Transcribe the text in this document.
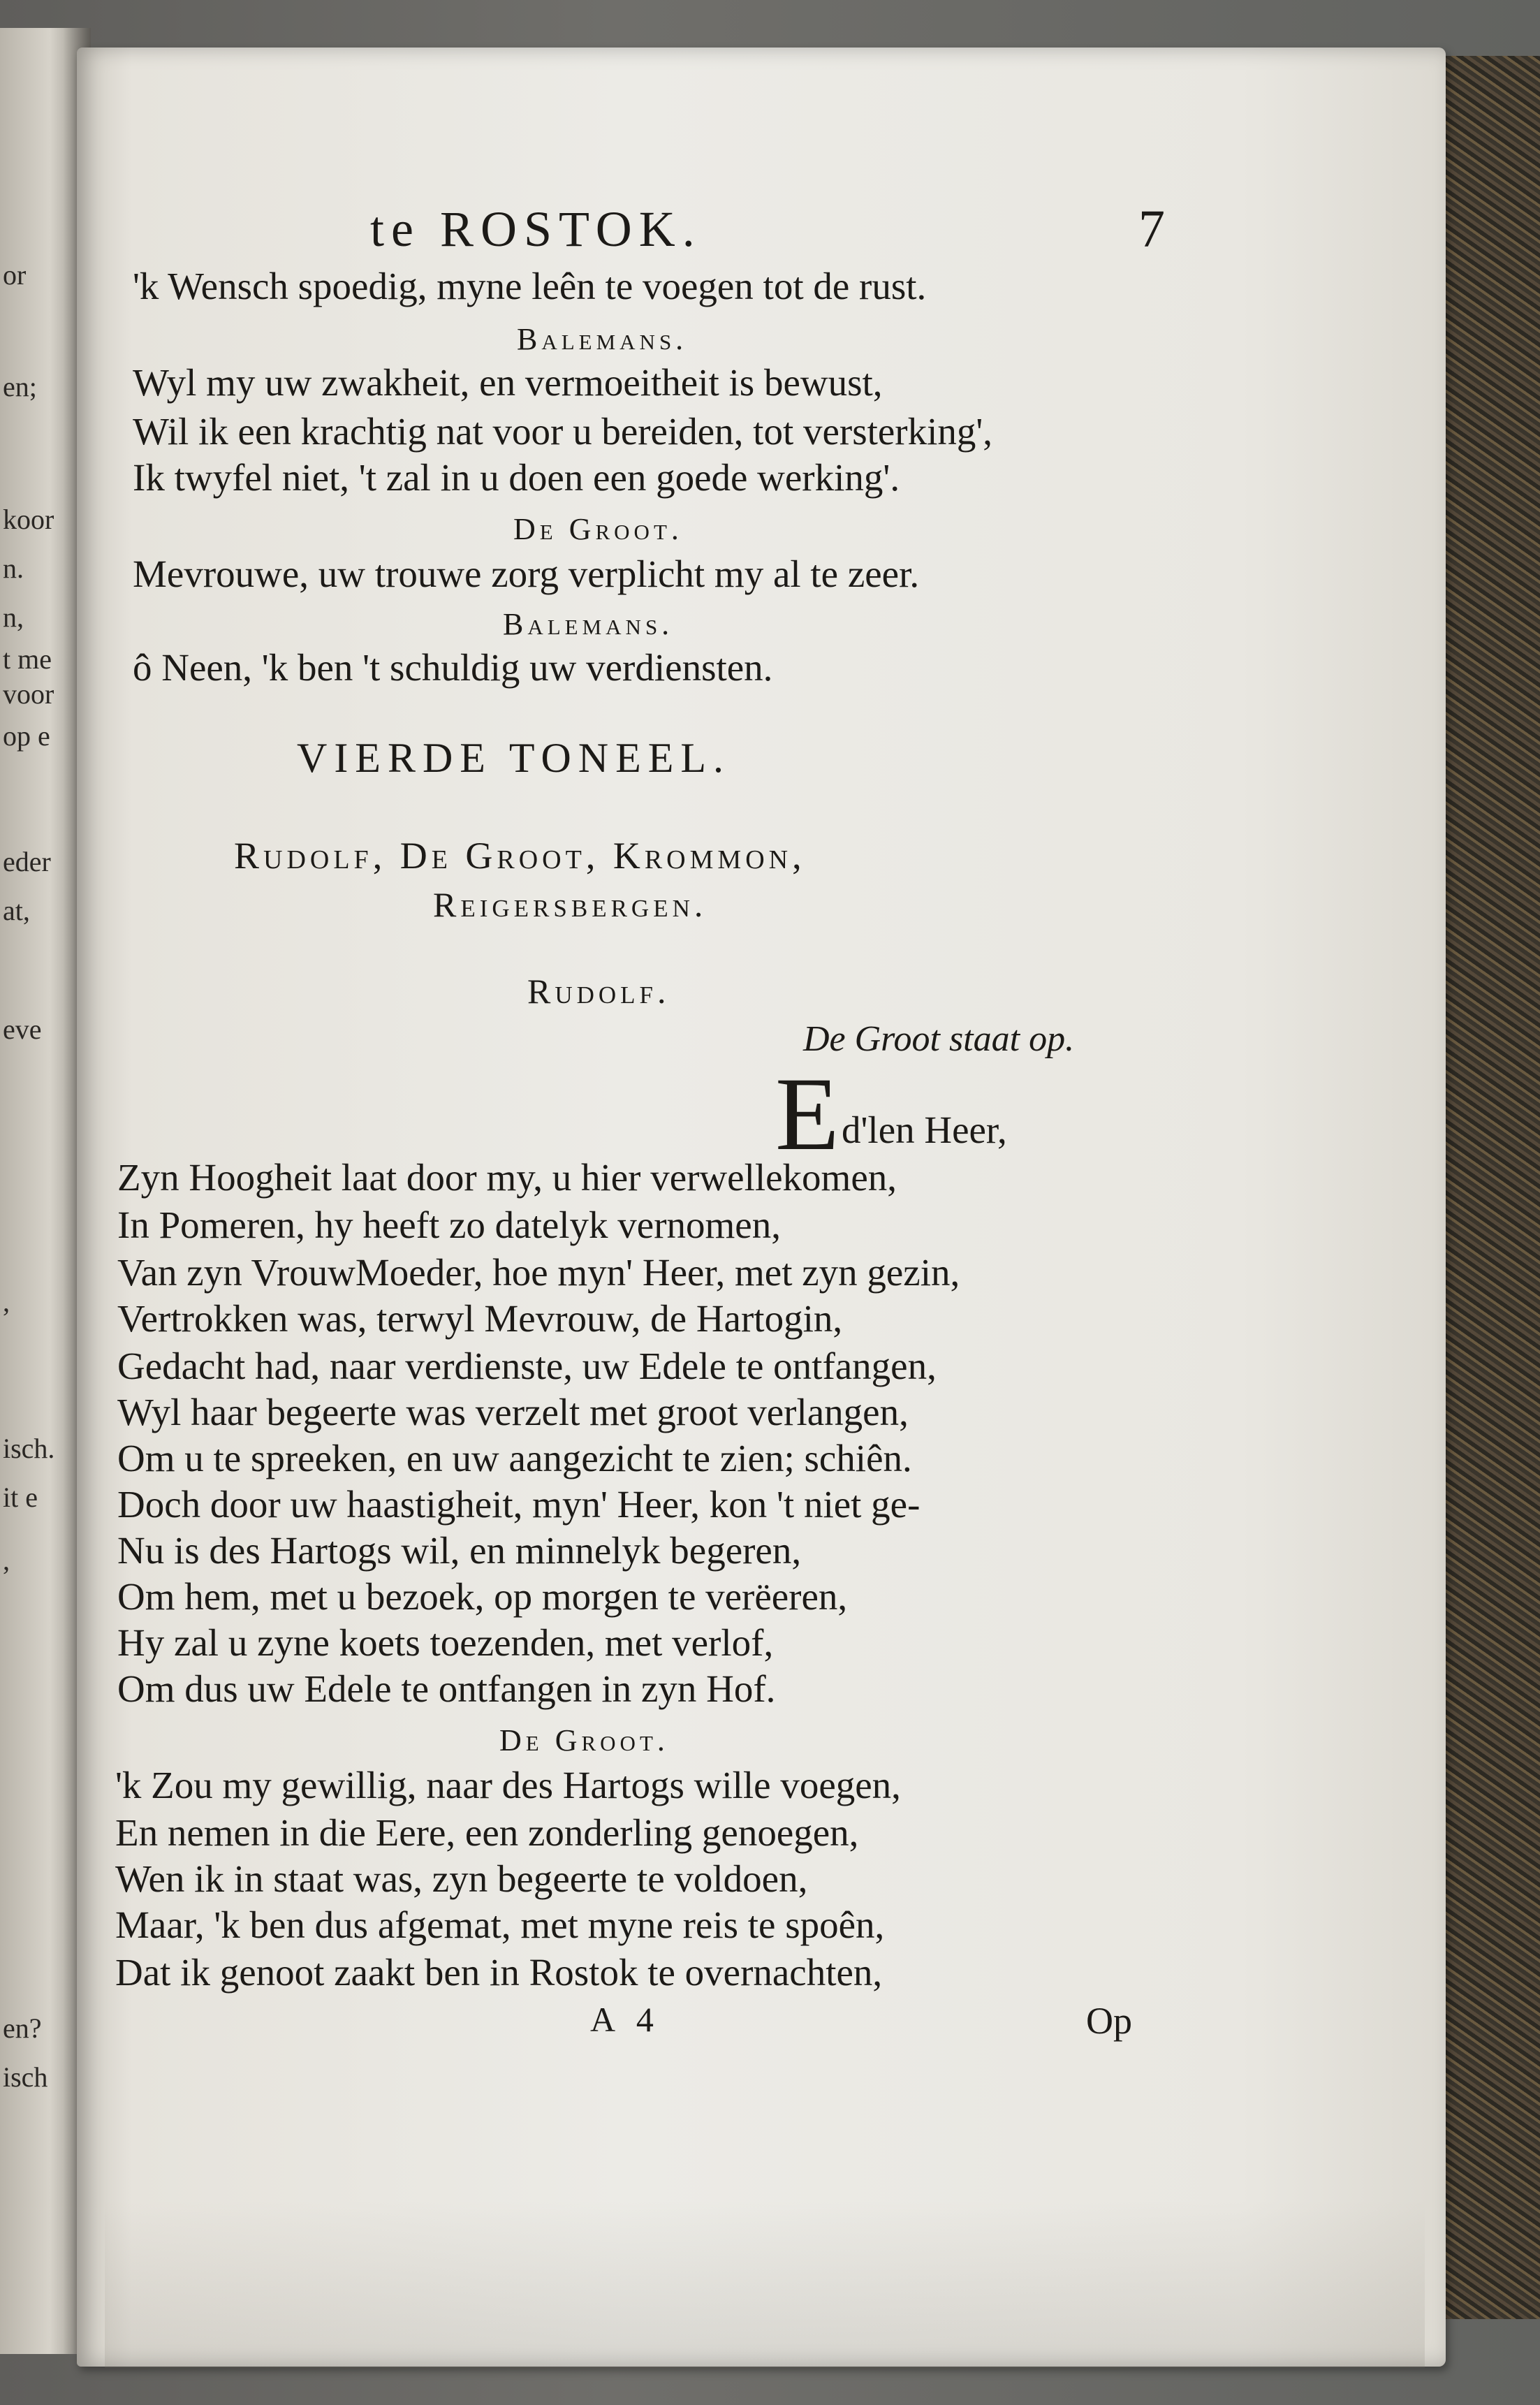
or
en;
koor
n.
n,
t me
voor
op e
eder
at,
eve
,
isch.
it e
,
en?
isch
te ROSTOK.	7
'k Wensch spoedig, myne leên te voegen tot de rust.
Balemans.
Wyl my uw zwakheit, en vermoeitheit is bewust,
Wil ik een krachtig nat voor u bereiden, tot versterking',
Ik twyfel niet, 't zal in u doen een goede werking'.
De Groot.
Mevrouwe, uw trouwe zorg verplicht my al te zeer.
Balemans.
ô Neen, 'k ben 't schuldig uw verdiensten.
VIERDE TONEEL.
Rudolf, De Groot, Krommon,
Reigersbergen.
Rudolf.
De Groot staat op.
E d'len Heer,
Zyn Hoogheit laat door my, u hier verwellekomen,
In Pomeren, hy heeft zo datelyk vernomen,
Van zyn VrouwMoeder, hoe myn' Heer, met zyn gezin,
Vertrokken was, terwyl Mevrouw, de Hartogin,
Gedacht had, naar verdienste, uw Edele te ontfangen,
Wyl haar begeerte was verzelt met groot verlangen,
Om u te spreeken, en uw aangezicht te zien; schiên.
Doch door uw haastigheit, myn' Heer, kon 't niet ge-
Nu is des Hartogs wil, en minnelyk begeren,
Om hem, met u bezoek, op morgen te verëeren,
Hy zal u zyne koets toezenden, met verlof,
Om dus uw Edele te ontfangen in zyn Hof.
De Groot.
'k Zou my gewillig, naar des Hartogs wille voegen,
En nemen in die Eere, een zonderling genoegen,
Wen ik in staat was, zyn begeerte te voldoen,
Maar, 'k ben dus afgemat, met myne reis te spoên,
Dat ik genoot zaakt ben in Rostok te overnachten,
A 4	Op
